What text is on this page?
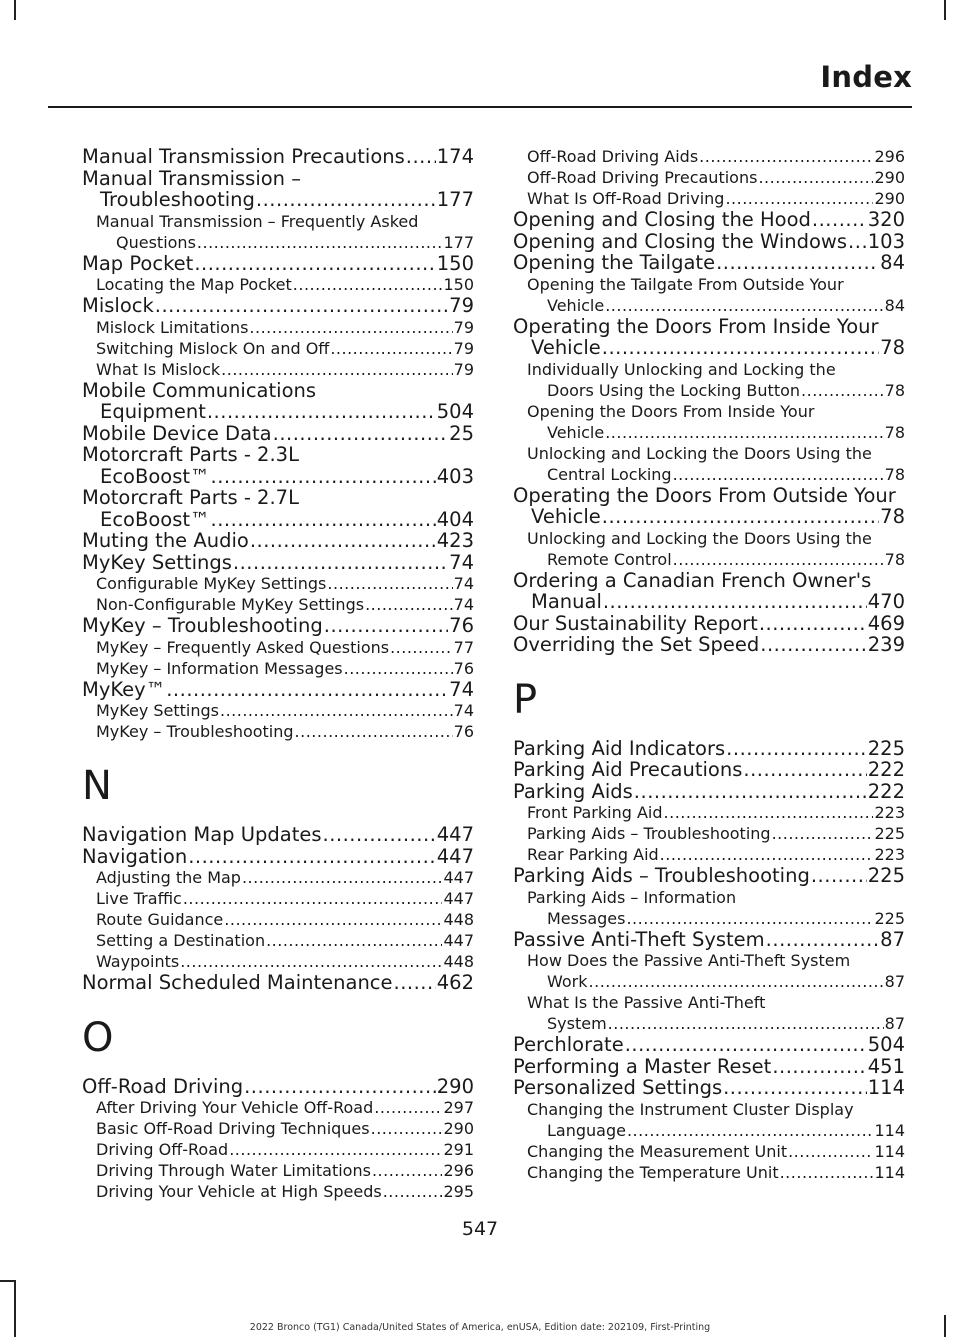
Index
Manual Transmission Precautions ..... 174
Manual Transmission –
Troubleshooting .....	177
Manual Transmission – Frequently Asked
Questions .....	177
Map Pocket .....	150
Locating the Map Pocket .....	150
Mislock .....	79
Mislock Limitations .....	79
Switching Mislock On and Off .....	79
What Is Mislock .....	79
Mobile Communications
Equipment .....	504
Mobile Device Data .....	25
Motorcraft Parts - 2.3L
EcoBoost™ .....	403
Motorcraft Parts - 2.7L
EcoBoost™ .....	404
Muting the Audio .....	423
MyKey Settings .....	74
Configurable MyKey Settings .....	74
Non-Configurable MyKey Settings .....	74
MyKey – Troubleshooting .....	76
MyKey – Frequently Asked Questions .....	77
MyKey – Information Messages .....	76
MyKey™ .....	74
MyKey Settings .....	74
MyKey – Troubleshooting .....	76
N
Navigation Map Updates .....	447
Navigation .....	447
Adjusting the Map .....	447
Live Traffic .....	447
Route Guidance .....	448
Setting a Destination .....	447
Waypoints .....	448
Normal Scheduled Maintenance ..... 462
O
Off-Road Driving .....	290
After Driving Your Vehicle Off-Road .....	297
Basic Off-Road Driving Techniques .....	290
Driving Off-Road .....	291
Driving Through Water Limitations .....	296
Driving Your Vehicle at High Speeds .....	295
Off-Road Driving Aids .....	296
Off-Road Driving Precautions .....	290
What Is Off-Road Driving .....	290
Opening and Closing the Hood .....	320
Opening and Closing the Windows ..... 103
Opening the Tailgate .....	84
Opening the Tailgate From Outside Your
Vehicle .....	84
Operating the Doors From Inside Your
Vehicle .....	78
Individually Unlocking and Locking the
Doors Using the Locking Button .....	78
Opening the Doors From Inside Your
Vehicle .....	78
Unlocking and Locking the Doors Using the
Central Locking .....	78
Operating the Doors From Outside Your
Vehicle .....	78
Unlocking and Locking the Doors Using the
Remote Control .....	78
Ordering a Canadian French Owner's
Manual .....	470
Our Sustainability Report .....	469
Overriding the Set Speed .....	239
P
Parking Aid Indicators .....	225
Parking Aid Precautions .....	222
Parking Aids .....	222
Front Parking Aid .....	223
Parking Aids – Troubleshooting .....	225
Rear Parking Aid .....	223
Parking Aids – Troubleshooting .....	225
Parking Aids – Information
Messages .....	225
Passive Anti-Theft System .....	87
How Does the Passive Anti-Theft System
Work .....	87
What Is the Passive Anti-Theft
System .....	87
Perchlorate .....	504
Performing a Master Reset .....	451
Personalized Settings .....	114
Changing the Instrument Cluster Display
Language .....	114
Changing the Measurement Unit .....	114
Changing the Temperature Unit .....	114
547
2022 Bronco (TG1) Canada/United States of America, enUSA, Edition date: 202109, First-Printing
